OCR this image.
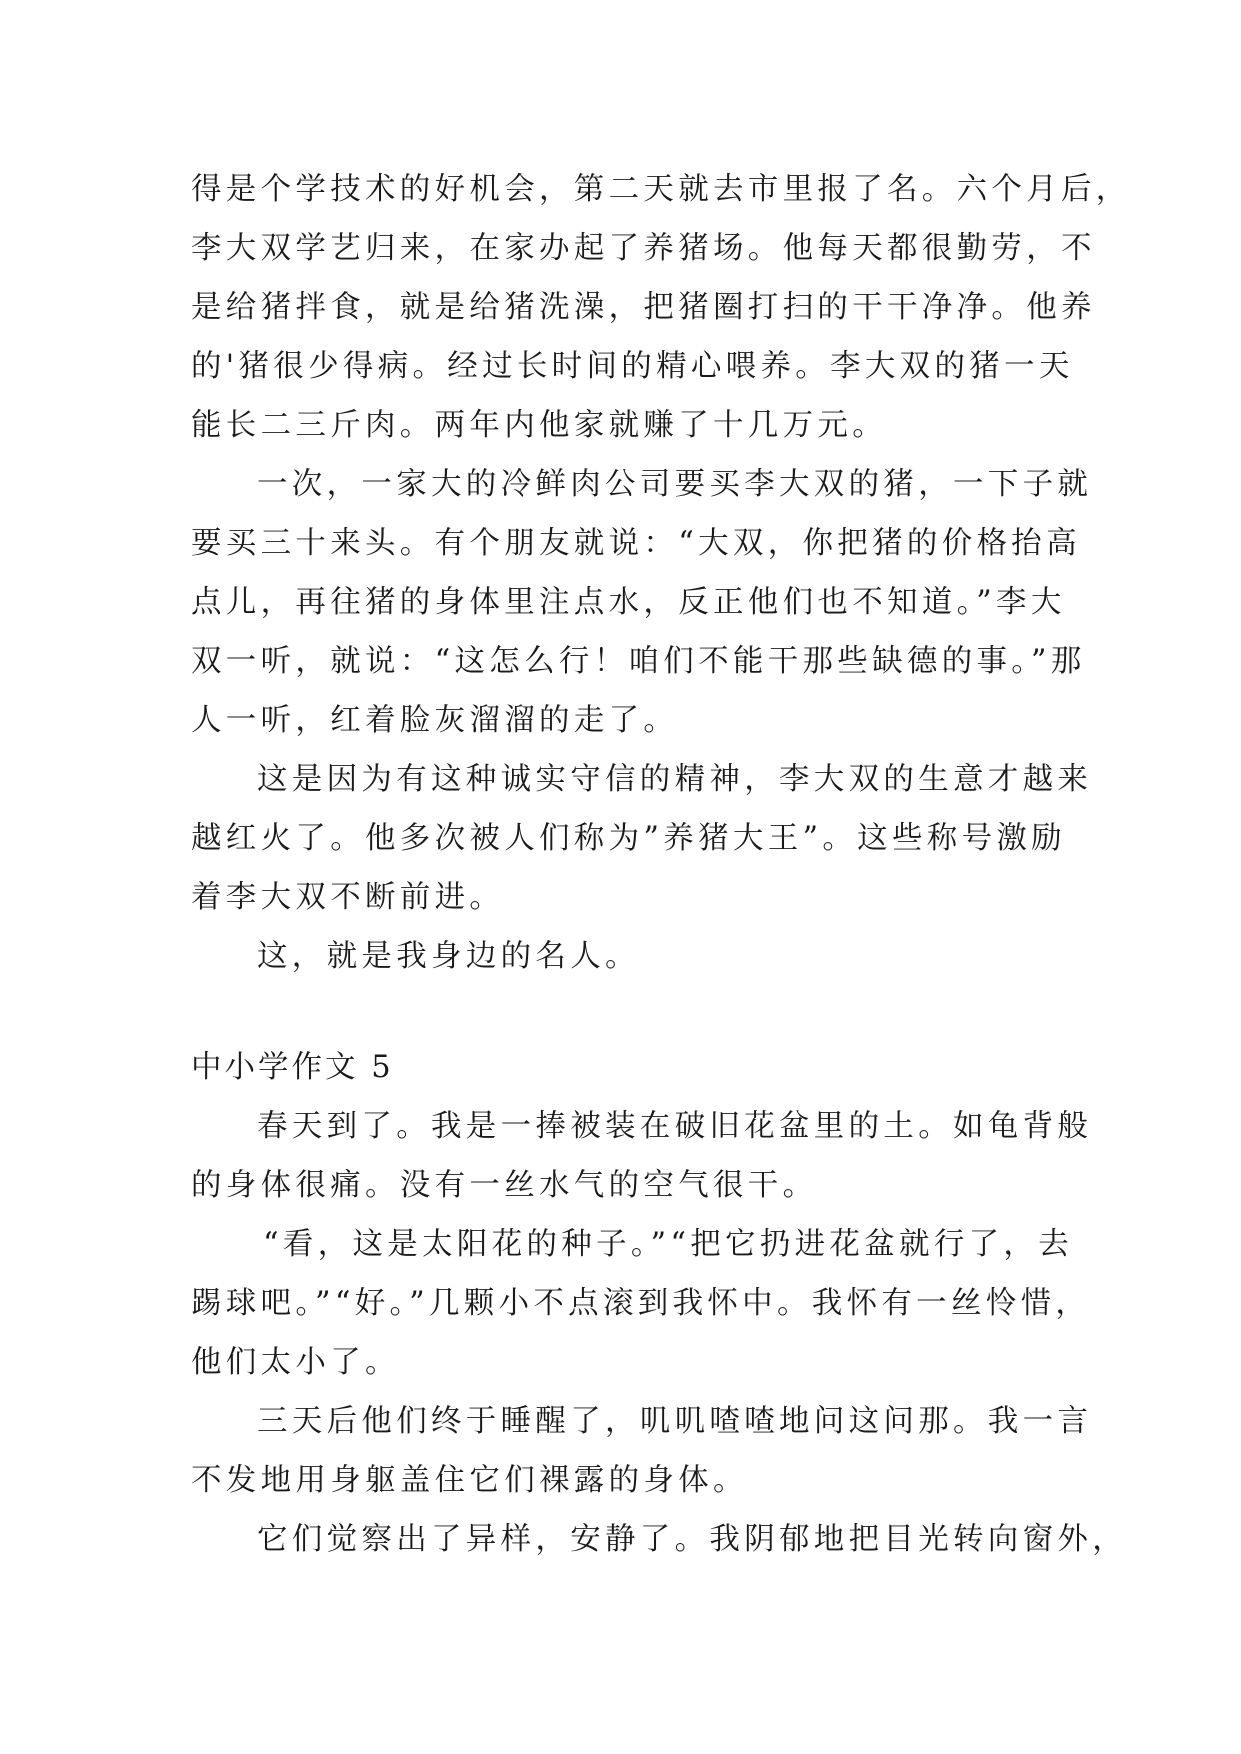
得是个学技术的好机会，第二天就去市里报了名。六个月后，
李大双学艺归来，在家办起了养猪场。他每天都很勤劳，不
是给猪拌食，就是给猪洗澡，把猪圈打扫的干干净净。他养
的'猪很少得病。经过长时间的精心喂养。李大双的猪一天
能长二三斤肉。两年内他家就赚了十几万元。
一次，一家大的冷鲜肉公司要买李大双的猪，一下子就
要买三十来头。有个朋友就说：“大双，你把猪的价格抬高
点儿，再往猪的身体里注点水，反正他们也不知道。”李大
双一听，就说：“这怎么行！咱们不能干那些缺德的事。”那
人一听，红着脸灰溜溜的走了。
这是因为有这种诚实守信的精神，李大双的生意才越来
越红火了。他多次被人们称为”养猪大王”。这些称号激励
着李大双不断前进。
这，就是我身边的名人。
中小学作文 5
春天到了。我是一捧被装在破旧花盆里的土。如龟背般
的身体很痛。没有一丝水气的空气很干。
“看，这是太阳花的种子。”“把它扔进花盆就行了，去
踢球吧。”“好。”几颗小不点滚到我怀中。我怀有一丝怜惜，
他们太小了。
三天后他们终于睡醒了，叽叽喳喳地问这问那。我一言
不发地用身躯盖住它们裸露的身体。
它们觉察出了异样，安静了。我阴郁地把目光转向窗外，
